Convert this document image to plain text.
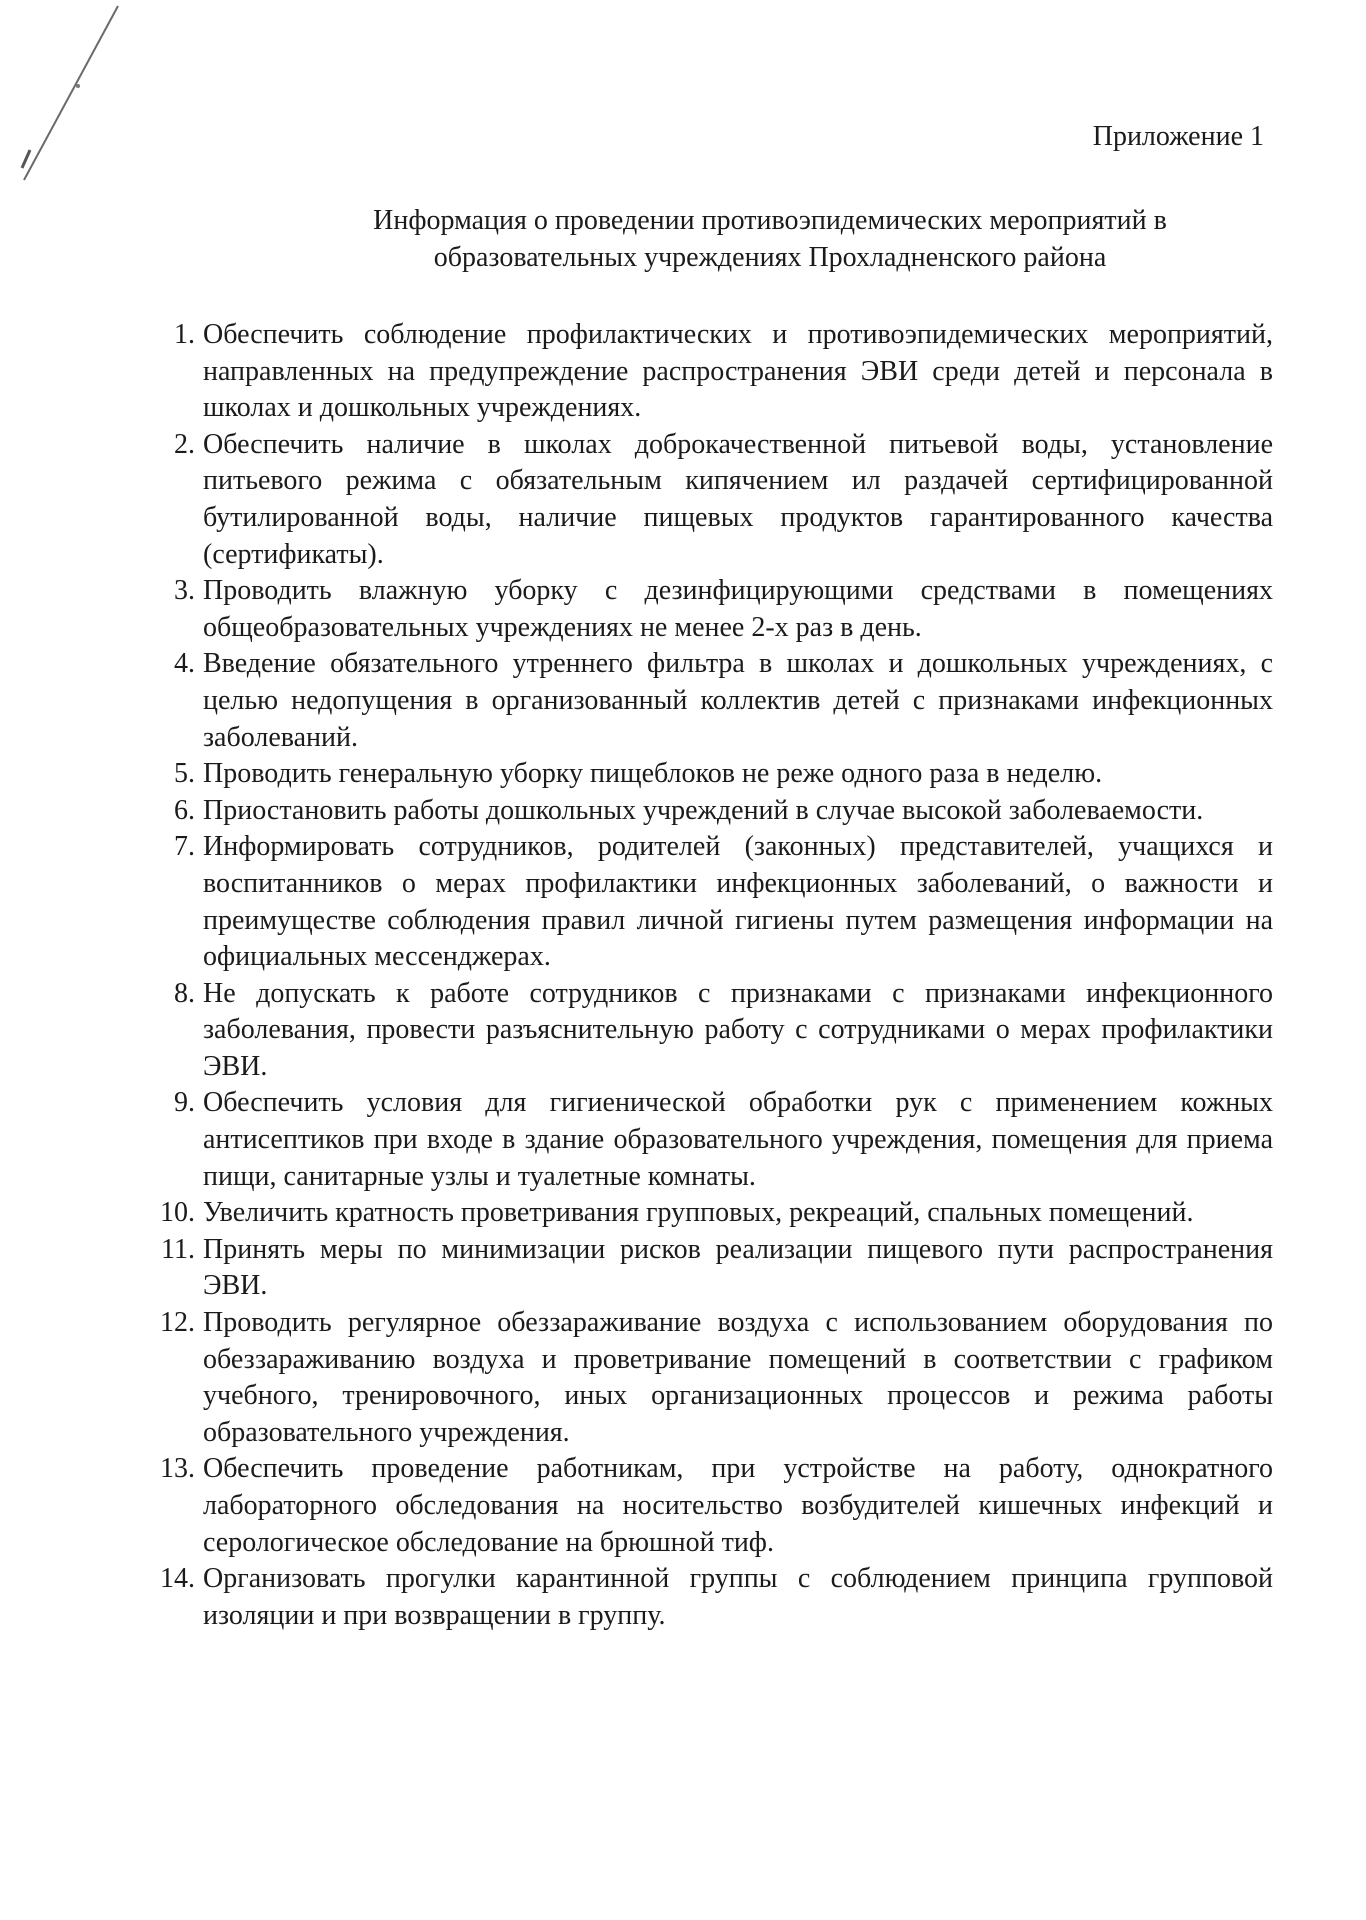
Приложение 1

Информация о проведении противоэпидемических мероприятий в
образовательных учреждениях Прохладненского района
1. Обеспечить соблюдение профилактических и противоэпидемических мероприятий, направленных на предупреждение распространения ЭВИ среди детей и персонала в школах и дошкольных учреждениях.
2. Обеспечить наличие в школах доброкачественной питьевой воды, установление питьевого режима с обязательным кипячением ил раздачей сертифицированной бутилированной воды, наличие пищевых продуктов гарантированного качества (сертификаты).
3. Проводить влажную уборку с дезинфицирующими средствами в помещениях общеобразовательных учреждениях не менее 2-х раз в день.
4. Введение обязательного утреннего фильтра в школах и дошкольных учреждениях, с целью недопущения в организованный коллектив детей с признаками инфекционных заболеваний.
5. Проводить генеральную уборку пищеблоков не реже одного раза в неделю.
6. Приостановить работы дошкольных учреждений в случае высокой заболеваемости.
7. Информировать сотрудников, родителей (законных) представителей, учащихся и воспитанников о мерах профилактики инфекционных заболеваний, о важности и преимуществе соблюдения правил личной гигиены путем размещения информации на официальных мессенджерах.
8. Не допускать к работе сотрудников с признаками с признаками инфекционного заболевания, провести разъяснительную работу с сотрудниками о мерах профилактики ЭВИ.
9. Обеспечить условия для гигиенической обработки рук с применением кожных антисептиков при входе в здание образовательного учреждения, помещения для приема пищи, санитарные узлы и туалетные комнаты.
10. Увеличить кратность проветривания групповых, рекреаций, спальных помещений.
11. Принять меры по минимизации рисков реализации пищевого пути распространения ЭВИ.
12. Проводить регулярное обеззараживание воздуха с использованием оборудования по обеззараживанию воздуха и проветривание помещений в соответствии с графиком учебного, тренировочного, иных организационных процессов и режима работы образовательного учреждения.
13. Обеспечить проведение работникам, при устройстве на работу, однократного лабораторного обследования на носительство возбудителей кишечных инфекций и серологическое обследование на брюшной тиф.
14. Организовать прогулки карантинной группы с соблюдением принципа групповой изоляции и при возвращении в группу.
